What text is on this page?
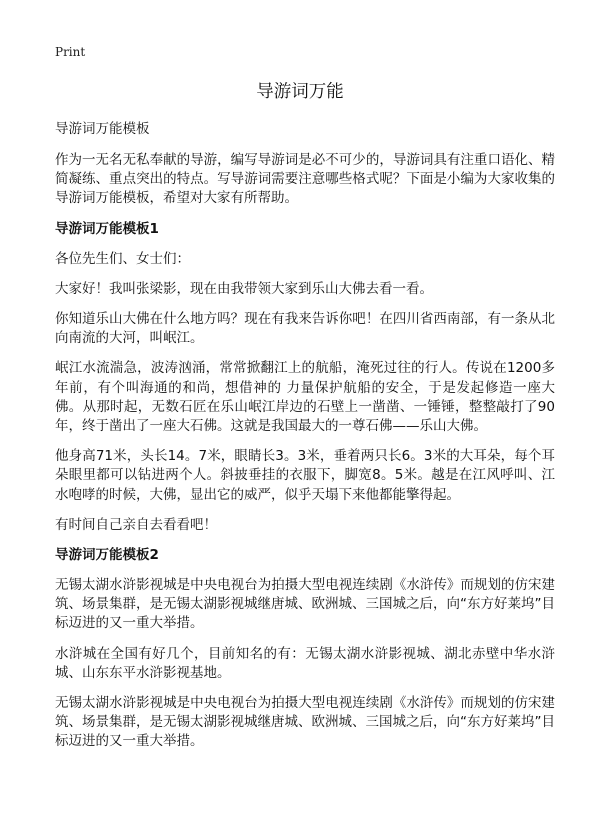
Print
导游词万能
导游词万能模板

作为一无名无私奉献的导游，编写导游词是必不可少的，导游词具有注重口语化、精简凝练、重点突出的特点。写导游词需要注意哪些格式呢？下面是小编为大家收集的导游词万能模板，希望对大家有所帮助。

导游词万能模板1

各位先生们、女士们：

大家好！我叫张梁影，现在由我带领大家到乐山大佛去看一看。

你知道乐山大佛在什么地方吗？现在有我来告诉你吧！在四川省西南部，有一条从北向南流的大河，叫岷江。

岷江水流湍急，波涛汹涌，常常掀翻江上的航船，淹死过往的行人。传说在1200多年前，有个叫海通的和尚，想借神的 力量保护航船的安全，于是发起修造一座大佛。从那时起，无数石匠在乐山岷江岸边的石壁上一凿凿、一锤锤，整整敲打了90年，终于凿出了一座大石佛。这就是我国最大的一尊石佛——乐山大佛。

他身高71米，头长14。7米，眼睛长3。3米，垂着两只长6。3米的大耳朵，每个耳朵眼里都可以钻进两个人。斜披垂挂的衣服下，脚宽8。5米。越是在江风呼叫、江水咆哮的时候，大佛，显出它的威严，似乎天塌下来他都能擎得起。

有时间自己亲自去看看吧！

导游词万能模板2

无锡太湖水浒影视城是中央电视台为拍摄大型电视连续剧《水浒传》而规划的仿宋建筑、场景集群，是无锡太湖影视城继唐城、欧洲城、三国城之后，向“东方好莱坞”目标迈进的又一重大举措。

水浒城在全国有好几个，目前知名的有：无锡太湖水浒影视城、湖北赤壁中华水浒城、山东东平水浒影视基地。

无锡太湖水浒影视城是中央电视台为拍摄大型电视连续剧《水浒传》而规划的仿宋建筑、场景集群，是无锡太湖影视城继唐城、欧洲城、三国城之后，向“东方好莱坞”目标迈进的又一重大举措。
